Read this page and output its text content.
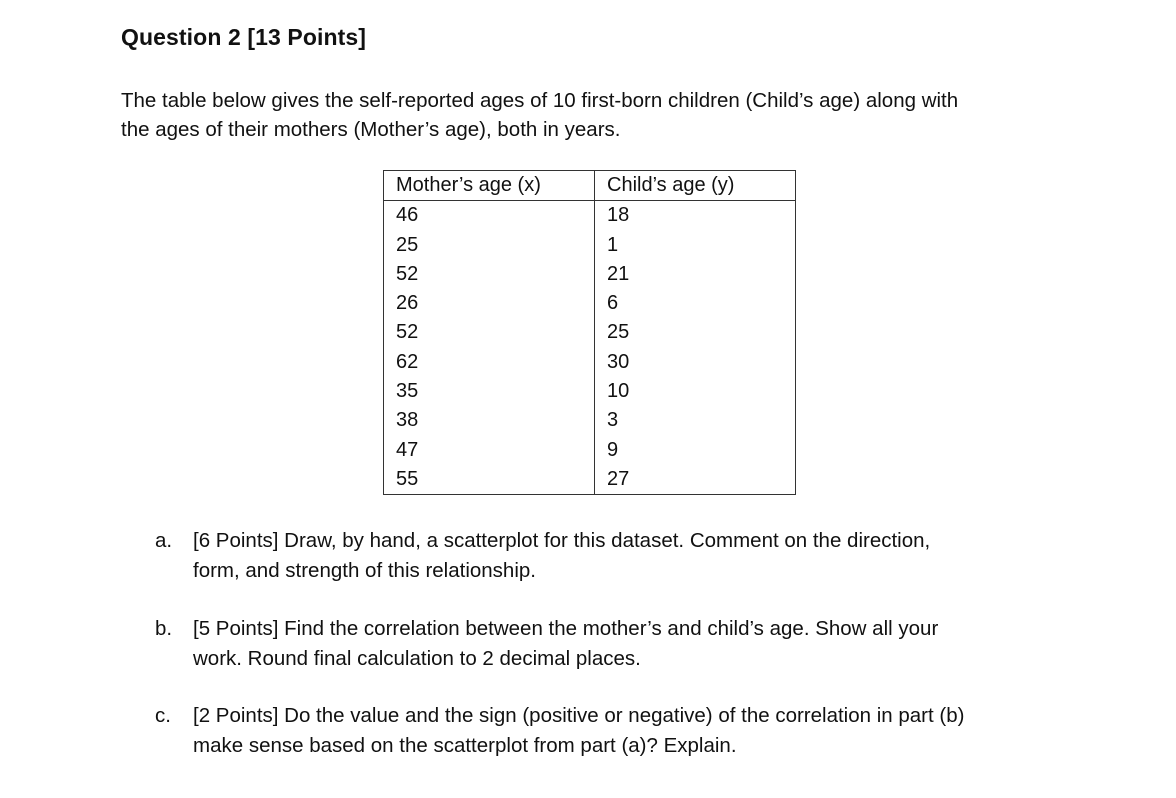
Question 2 [13 Points]

The table below gives the self-reported ages of 10 first-born children (Child’s age) along with

the ages of their mothers (Mother’s age), both in years.

Mother’s age (x)	Child’s age (y)
46	18
25	1
52	21
26	6
52	25
62	30
35	10
38	3
47	9
55	27
a.	[6 Points] Draw, by hand, a scatterplot for this dataset. Comment on the direction,

form, and strength of this relationship.

b.	[5 Points] Find the correlation between the mother’s and child’s age. Show all your

work. Round final calculation to 2 decimal places.

c.	[2 Points] Do the value and the sign (positive or negative) of the correlation in part (b)

make sense based on the scatterplot from part (a)? Explain.
